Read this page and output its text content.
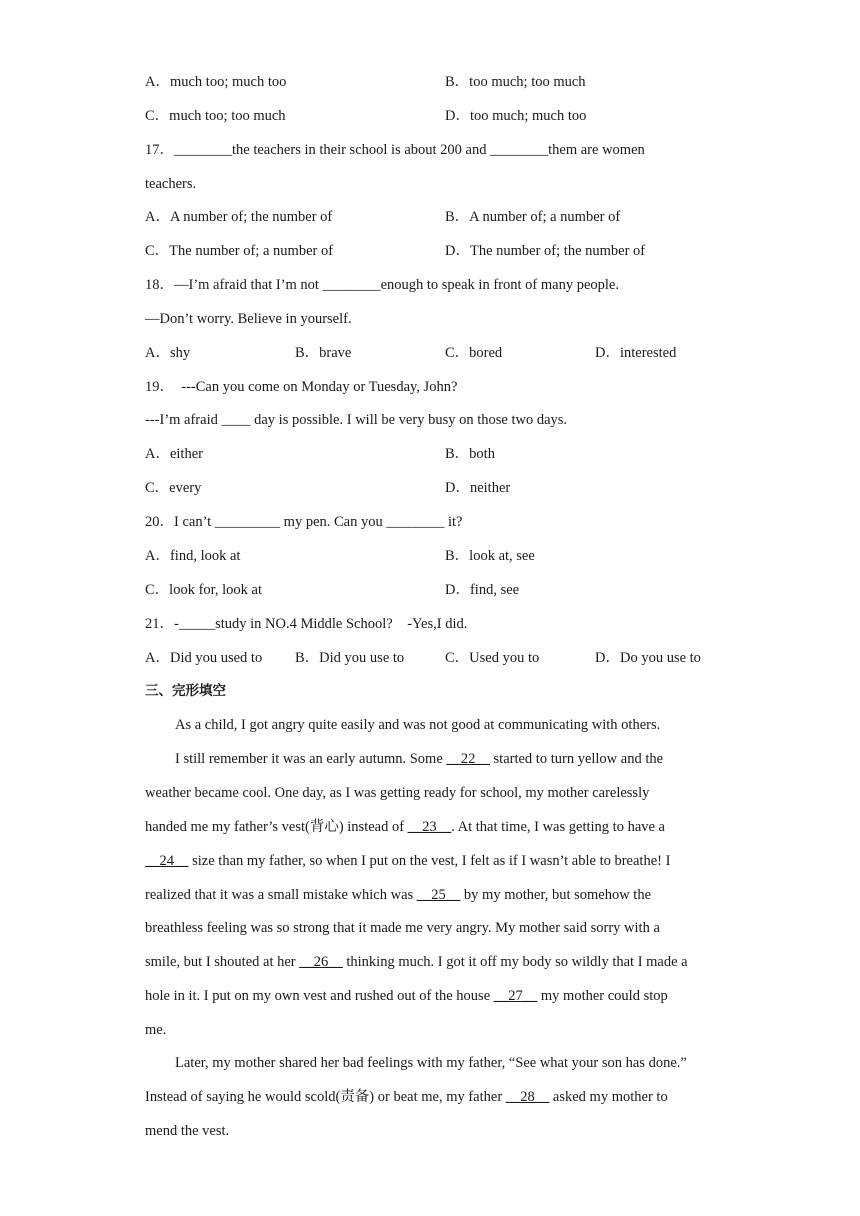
A．much too; much too	B．too much; too much
C．much too; too much	D．too much; much too
17．________the teachers in their school is about 200 and ________them are women
teachers.
A．A number of; the number of	B．A number of; a number of
C．The number of; a number of	D．The number of; the number of
18．—I’m afraid that I’m not ________enough to speak in front of many people.
—Don’t worry. Believe in yourself.
A．shy	B．brave	C．bored	D．interested
19．  ---Can you come on Monday or Tuesday, John?
---I’m afraid ____ day is possible. I will be very busy on those two days.
A．either	B．both
C．every	D．neither
20．I can’t _________ my pen. Can you ________ it?
A．find, look at	B．look at, see
C．look for, look at	D．find, see
21．-_____study in NO.4 Middle School?    -Yes,I did.
A．Did you used to B．Did you use to	C．Used you to	D．Do you use to
三、完形填空
As a child, I got angry quite easily and was not good at communicating with others.
I still remember it was an early autumn. Some __22__ started to turn yellow and the
weather became cool. One day, as I was getting ready for school, my mother carelessly
handed me my father’s vest(背心) instead of __23__. At that time, I was getting to have a
__24__ size than my father, so when I put on the vest, I felt as if I wasn’t able to breathe! I
realized that it was a small mistake which was __25__ by my mother, but somehow the
breathless feeling was so strong that it made me very angry. My mother said sorry with a
smile, but I shouted at her __26__ thinking much. I got it off my body so wildly that I made a
hole in it. I put on my own vest and rushed out of the house __27__ my mother could stop
me.
Later, my mother shared her bad feelings with my father, “See what your son has done.”
Instead of saying he would scold(责备) or beat me, my father __28__ asked my mother to
mend the vest.
